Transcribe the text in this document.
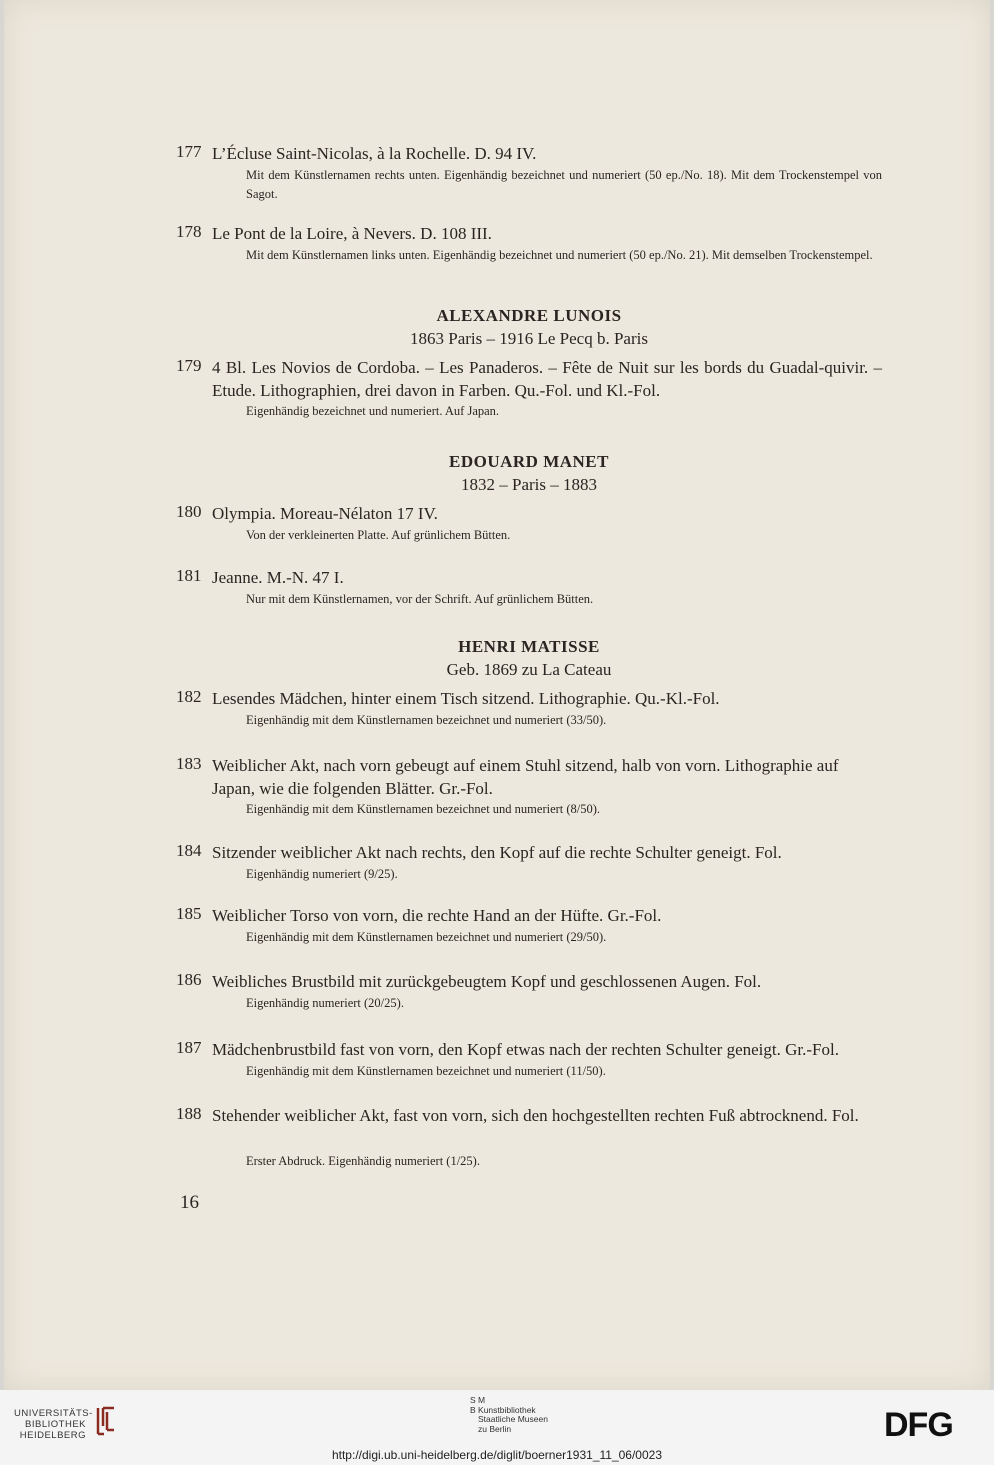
177 L’Écluse Saint-Nicolas, à la Rochelle. D. 94 IV.
Mit dem Künstlernamen rechts unten. Eigenhändig bezeichnet und numeriert (50 ep./No. 18). Mit dem Trockenstempel von Sagot.
178 Le Pont de la Loire, à Nevers. D. 108 III.
Mit dem Künstlernamen links unten. Eigenhändig bezeichnet und numeriert (50 ep./No. 21). Mit demselben Trockenstempel.
ALEXANDRE LUNOIS
1863 Paris – 1916 Le Pecq b. Paris
179 4 Bl. Les Novios de Cordoba. – Les Panaderos. – Fête de Nuit sur les bords du Guadal-quivir. – Etude. Lithographien, drei davon in Farben. Qu.-Fol. und Kl.-Fol.
Eigenhändig bezeichnet und numeriert. Auf Japan.
EDOUARD MANET
1832 – Paris – 1883
180 Olympia. Moreau-Nélaton 17 IV.
Von der verkleinerten Platte. Auf grünlichem Bütten.
181 Jeanne. M.-N. 47 I.
Nur mit dem Künstlernamen, vor der Schrift. Auf grünlichem Bütten.
HENRI MATISSE
Geb. 1869 zu La Cateau
182 Lesendes Mädchen, hinter einem Tisch sitzend. Lithographie. Qu.-Kl.-Fol.
Eigenhändig mit dem Künstlernamen bezeichnet und numeriert (33/50).
183 Weiblicher Akt, nach vorn gebeugt auf einem Stuhl sitzend, halb von vorn. Lithographie auf Japan, wie die folgenden Blätter. Gr.-Fol.
Eigenhändig mit dem Künstlernamen bezeichnet und numeriert (8/50).
184 Sitzender weiblicher Akt nach rechts, den Kopf auf die rechte Schulter geneigt. Fol.
Eigenhändig numeriert (9/25).
185 Weiblicher Torso von vorn, die rechte Hand an der Hüfte. Gr.-Fol.
Eigenhändig mit dem Künstlernamen bezeichnet und numeriert (29/50).
186 Weibliches Brustbild mit zurückgebeugtem Kopf und geschlossenen Augen. Fol.
Eigenhändig numeriert (20/25).
187 Mädchenbrustbild fast von vorn, den Kopf etwas nach der rechten Schulter geneigt. Gr.-Fol.
Eigenhändig mit dem Künstlernamen bezeichnet und numeriert (11/50).
188 Stehender weiblicher Akt, fast von vorn, sich den hochgestellten rechten Fuß abtrocknend. Fol.
Erster Abdruck. Eigenhändig numeriert (1/25).
16
UNIVERSITÄTS-
BIBLIOTHEK
HEIDELBERG
S M
B Kunstbibliothek
Staatliche Museen
zu Berlin	DFG
http://digi.ub.uni-heidelberg.de/diglit/boerner1931_11_06/0023
